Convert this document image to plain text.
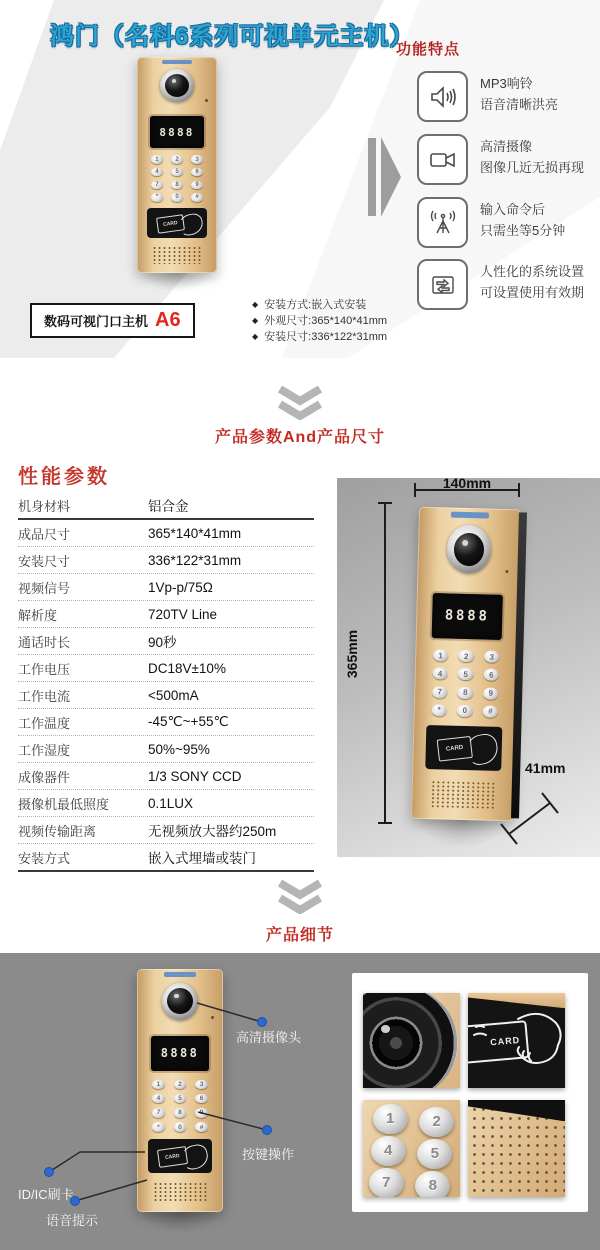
鸿门（名科6系列可视单元主机）
8888
1	2	3
4	5	6
7	8	9
*	0	#
CARD
数码可视门口主机 A6
◆ 安装方式:嵌入式安装
◆ 外观尺寸:365*140*41mm
◆ 安装尺寸:336*122*31mm
功能特点
MP3响铃
语音清晰洪亮
高清摄像
图像几近无损再现
输入命令后
只需坐等5分钟
人性化的系统设置
可设置使用有效期
产品参数And产品尺寸
性能参数
机身材料	铝合金
成品尺寸	365*140*41mm
安装尺寸	336*122*31mm
视频信号	1Vp-p/75Ω
解析度	720TV Line
通话时长	90秒
工作电压	DC18V±10%
工作电流	<500mA
工作温度	-45℃~+55℃
工作湿度	50%~95%
成像器件	1/3 SONY CCD
摄像机最低照度	0.1LUX
视频传输距离	无视频放大器约250m
安装方式	嵌入式埋墙或装门
8888
1	2	3
4	5	6
7	8	9
*	0	#
CARD
140mm
365mm
41mm
产品细节
8888
1	2	3
4	5	6
7	8	9
*	0	#
CARD
高清摄像头
按键操作
ID/IC刷卡
语音提示
CARD
1	2
4	5
7	8
